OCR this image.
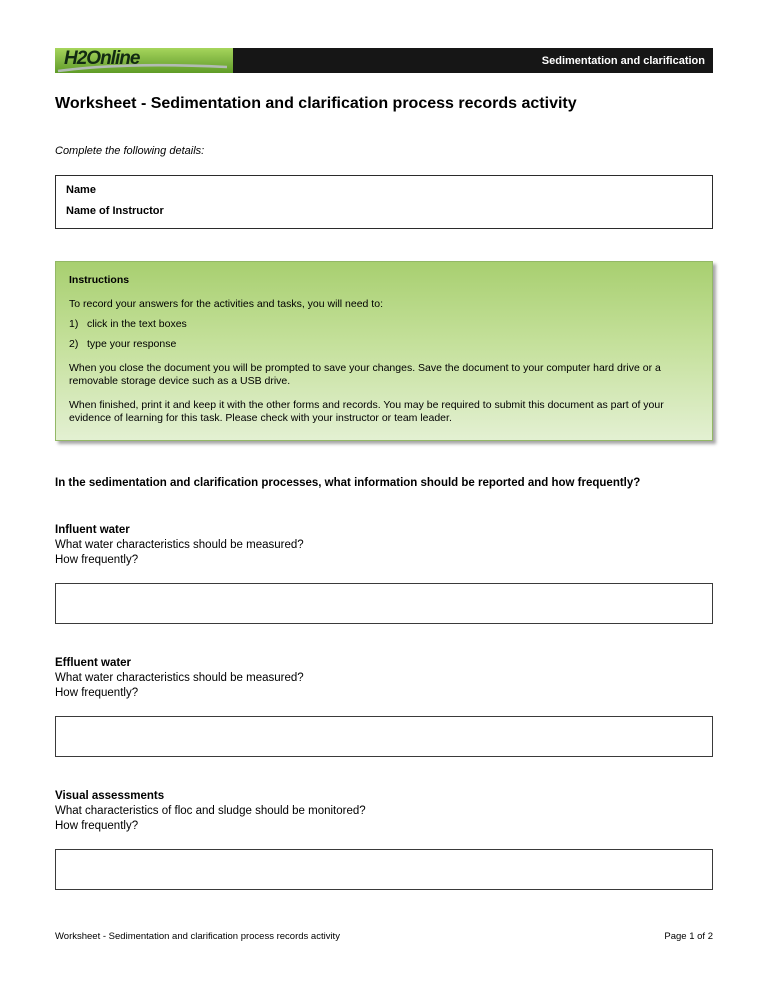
H2Online	Sedimentation and clarification
Worksheet - Sedimentation and clarification process records activity
Complete the following details:
Name
Name of Instructor
Instructions
To record your answers for the activities and tasks, you will need to:
1) click in the text boxes
2) type your response
When you close the document you will be prompted to save your changes. Save the document to your computer hard drive or a removable storage device such as a USB drive.
When finished, print it and keep it with the other forms and records. You may be required to submit this document as part of your evidence of learning for this task. Please check with your instructor or team leader.
In the sedimentation and clarification processes, what information should be reported and how frequently?
Influent water
What water characteristics should be measured?
How frequently?
Effluent water
What water characteristics should be measured?
How frequently?
Visual assessments
What characteristics of floc and sludge should be monitored?
How frequently?
Worksheet - Sedimentation and clarification process records activity	Page 1 of 2
